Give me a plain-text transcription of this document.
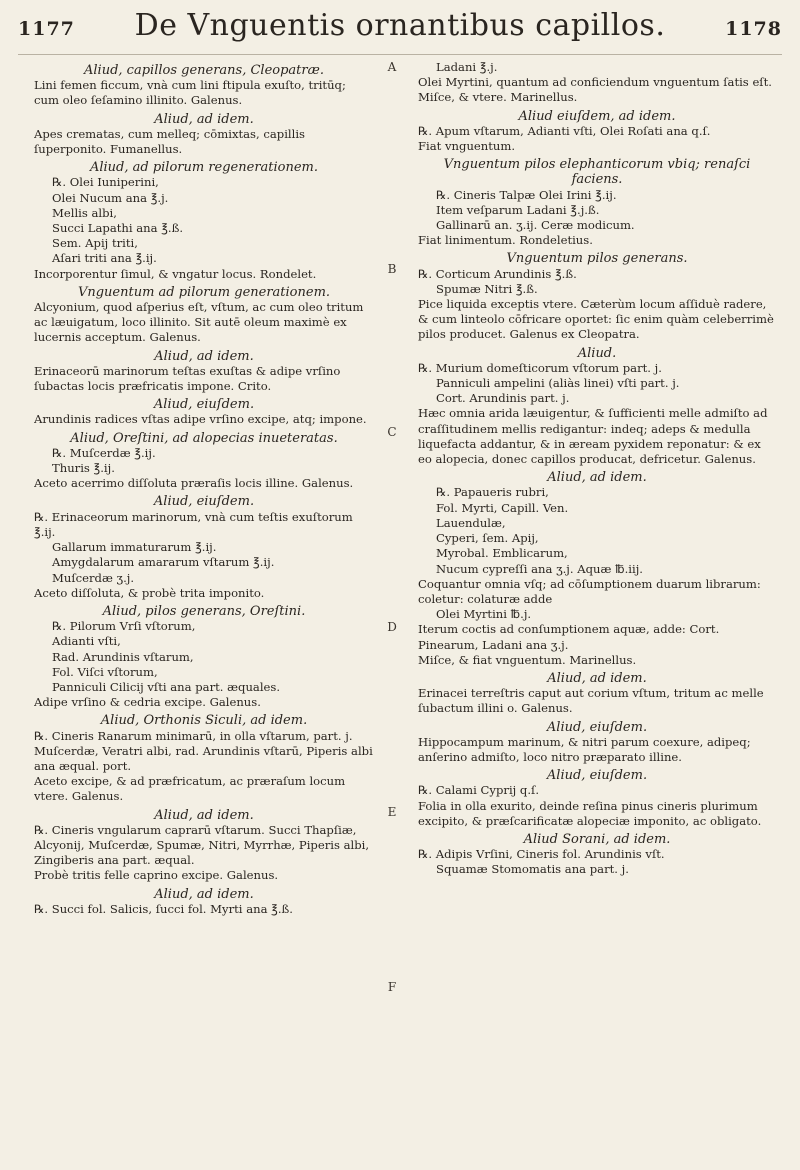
1177 De Vnguentis ornantibus capillos.	1178

Aliud, capillos generans, Cleopatræ.

Lini femen ficcum, vnà cum lini ftipula exuſto, tritūq; cum oleo ſeſamino illinito. Galenus.

Aliud, ad idem.

Apes crematas, cum melleq; cōmixtas, capillis ſuperponito. Fumanellus.

Aliud, ad pilorum regenerationem.

℞. Olei Iuniperini,

Olei Nucum ana ℥.j.

Mellis albi,

Succi Lapathi ana ℥.ß.

Sem. Apij triti,

Aſari triti ana ℥.ij.

Incorporentur ſimul, & vngatur locus. Rondelet.

Vnguentum ad pilorum generationem.

Alcyonium, quod aſperius eſt, vſtum, ac cum oleo tritum ac læuigatum, loco illinito. Sit autē oleum maximè ex lucernis acceptum. Galenus.

Aliud, ad idem.

Erinaceorū marinorum teſtas exuſtas & adipe vrſino ſubactas locis præfricatis impone. Crito.

Aliud, eiuſdem.

Arundinis radices vſtas adipe vrſino excipe, atq; impone.

Aliud, Oreſtini, ad alopecias inueteratas.

℞. Muſcerdæ ℥.ij.

Thuris ℥.ij.

Aceto acerrimo diſſoluta præraſis locis illine. Galenus.

Aliud, eiuſdem.

℞. Erinaceorum marinorum, vnà cum teſtis exuſtorum ℥.ij.

Gallarum immaturarum ℥.ij.

Amygdalarum amararum vſtarum ℥.ij.

Muſcerdæ ʒ.j.

Aceto diſſoluta, & probè trita imponito.

Aliud, pilos generans, Oreſtini.

℞. Pilorum Vrſi vſtorum,

Adianti vſti,

Rad. Arundinis vſtarum,

Fol. Viſci vſtorum,

Panniculi Cilicij vſti ana part. æquales.

Adipe vrſino & cedria excipe. Galenus.

Aliud, Orthonis Siculi, ad idem.

℞. Cineris Ranarum minimarū, in olla vſtarum, part. j.

Muſcerdæ, Veratri albi, rad. Arundinis vſtarū, Piperis albi ana æqual. port.

Aceto excipe, & ad præfricatum, ac præraſum locum vtere. Galenus.

Aliud, ad idem.

℞. Cineris vngularum caprarū vſtarum. Succi Thapſiæ, Alcyonij, Muſcerdæ, Spumæ, Nitri, Myrrhæ, Piperis albi, Zingiberis ana part. æqual.

Probè tritis felle caprino excipe. Galenus.

Aliud, ad idem.

℞. Succi fol. Salicis, ſucci fol. Myrti ana ℥.ß.

Ladani ℥.j.

Olei Myrtini, quantum ad conficiendum vnguentum ſatis eſt.

Miſce, & vtere. Marinellus.

Aliud eiuſdem, ad idem.

℞. Apum vſtarum, Adianti vſti, Olei Roſati ana q.ſ.

Fiat vnguentum.

Vnguentum pilos elephanticorum vbiq; renaſci faciens.

℞. Cineris Talpæ Olei Irini ℥.ij.

Item veſparum Ladani ℥.j.ß.

Gallinarū an. ʒ.ij. Ceræ modicum.

Fiat linimentum. Rondeletius.

Vnguentum pilos generans.

℞. Corticum Arundinis ℥.ß.

Spumæ Nitri ℥.ß.

Pice liquida exceptis vtere. Cæterùm locum aſſiduè radere, & cum linteolo cōfricare oportet: ſic enim quàm celeberrimè pilos producet. Galenus ex Cleopatra.

Aliud.

℞. Murium domeſticorum vſtorum part. j.

Panniculi ampelini (aliàs linei) vſti part. j.

Cort. Arundinis part. j.

Hæc omnia arida læuigentur, & ſufficienti melle admiſto ad craſſitudinem mellis redigantur: indeq; adeps & medulla liquefacta addantur, & in æream pyxidem reponatur: & ex eo alopecia, donec capillos producat, defricetur. Galenus.

Aliud, ad idem.

℞. Papaueris rubri,

Fol. Myrti, Capill. Ven.

Lauendulæ,

Cyperi, ſem. Apij,

Myrobal. Emblicarum,

Nucum cypreſſi ana ʒ.j. Aquæ ℔.iij.

Coquantur omnia vſq; ad cōſumptionem duarum librarum: coletur: colaturæ adde

Olei Myrtini ℔.j.

Iterum coctis ad conſumptionem aquæ, adde: Cort. Pinearum, Ladani ana ʒ.j.

Miſce, & fiat vnguentum. Marinellus.

Aliud, ad idem.

Erinacei terreſtris caput aut corium vſtum, tritum ac melle ſubactum illini o. Galenus.

Aliud, eiuſdem.

Hippocampum marinum, & nitri parum coexure, adipeq; anſerino admiſto, loco nitro præparato illine.

Aliud, eiuſdem.

℞. Calami Cyprij q.ſ.

Folia in olla exurito, deinde reſina pinus cineris plurimum excipito, & præſcarificatæ alopeciæ imponito, ac obligato.

Aliud Sorani, ad idem.

℞. Adipis Vrſini, Cineris fol. Arundinis vſt.

Squamæ Stomomatis ana part. j.

A
B
C
D
E
F
